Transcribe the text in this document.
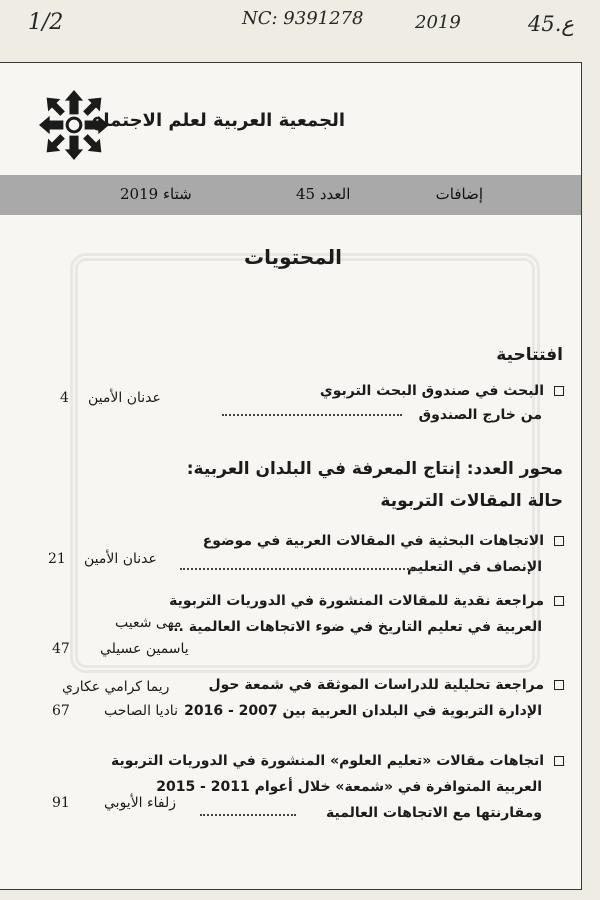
1/2	NC: 9391278	2019	45.ع
الجمعية العربية لعلم الاجتماع
شتاء 2019	العدد 45	إضافات
المحتويات
افتتاحية
البحث في صندوق البحث التربوي
من خارج الصندوق
عدنان الأمين
4
محور العدد: إنتاج المعرفة في البلدان العربية:
حالة المقالات التربوية
الاتجاهات البحثية في المقالات العربية في موضوع
الإنصاف في التعليم
عدنان الأمين
21
مراجعة نقدية للمقالات المنشورة في الدوريات التربوية
العربية في تعليم التاريخ في ضوء الاتجاهات العالمية ...
مهى شعيب
ياسمين عسيلي
47
مراجعة تحليلية للدراسات الموثقة في شمعة حول
الإدارة التربوية في البلدان العربية بين 2007 - 2016
ريما كرامي عكاري
ناديا الصاحب
67
اتجاهات مقالات «تعليم العلوم» المنشورة في الدوريات التربوية
العربية المتوافرة في «شمعة» خلال أعوام 2011 - 2015
ومقارنتها مع الاتجاهات العالمية
زلفاء الأيوبي
91
